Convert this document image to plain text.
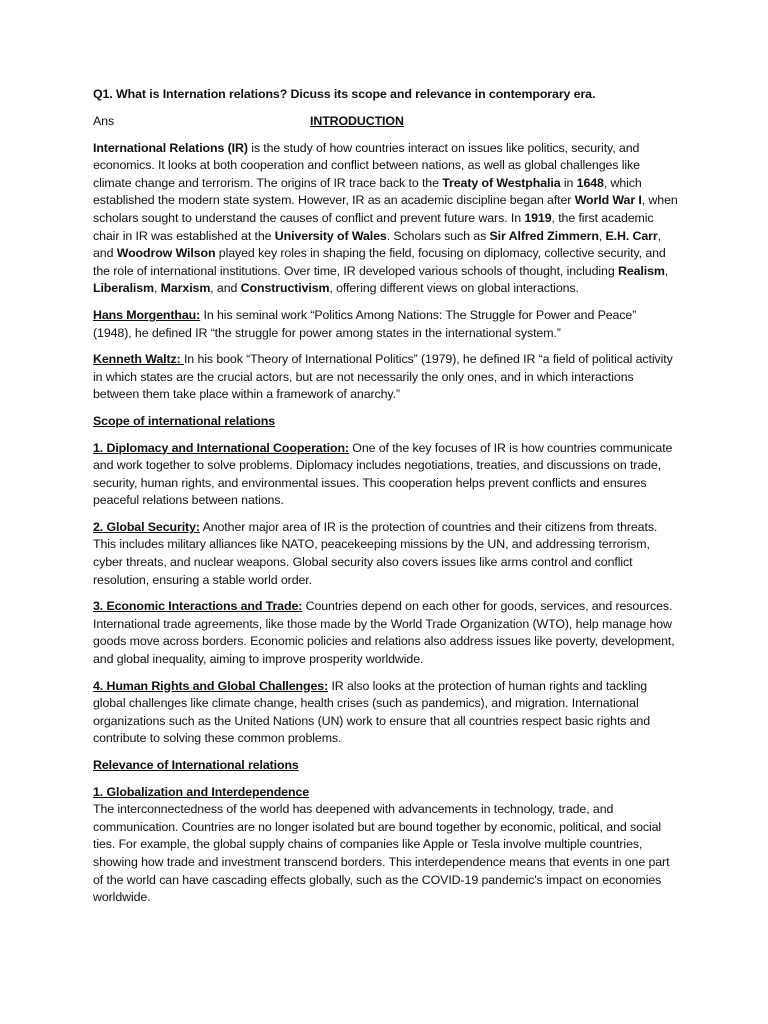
Q1. What is Internation relations? Dicuss its scope and relevance in contemporary era.

Ans	INTRODUCTION

International Relations (IR) is the study of how countries interact on issues like politics, security, and economics. It looks at both cooperation and conflict between nations, as well as global challenges like climate change and terrorism. The origins of IR trace back to the Treaty of Westphalia in 1648, which established the modern state system. However, IR as an academic discipline began after World War I, when scholars sought to understand the causes of conflict and prevent future wars. In 1919, the first academic chair in IR was established at the University of Wales. Scholars such as Sir Alfred Zimmern, E.H. Carr, and Woodrow Wilson played key roles in shaping the field, focusing on diplomacy, collective security, and the role of international institutions. Over time, IR developed various schools of thought, including Realism, Liberalism, Marxism, and Constructivism, offering different views on global interactions.

Hans Morgenthau: In his seminal work “Politics Among Nations: The Struggle for Power and Peace” (1948), he defined IR “the struggle for power among states in the international system.”

Kenneth Waltz: In his book “Theory of International Politics” (1979), he defined IR “a field of political activity in which states are the crucial actors, but are not necessarily the only ones, and in which interactions between them take place within a framework of anarchy.”

Scope of international relations

1. Diplomacy and International Cooperation: One of the key focuses of IR is how countries communicate and work together to solve problems. Diplomacy includes negotiations, treaties, and discussions on trade, security, human rights, and environmental issues. This cooperation helps prevent conflicts and ensures peaceful relations between nations.

2. Global Security: Another major area of IR is the protection of countries and their citizens from threats. This includes military alliances like NATO, peacekeeping missions by the UN, and addressing terrorism, cyber threats, and nuclear weapons. Global security also covers issues like arms control and conflict resolution, ensuring a stable world order.

3. Economic Interactions and Trade: Countries depend on each other for goods, services, and resources. International trade agreements, like those made by the World Trade Organization (WTO), help manage how goods move across borders. Economic policies and relations also address issues like poverty, development, and global inequality, aiming to improve prosperity worldwide.

4. Human Rights and Global Challenges: IR also looks at the protection of human rights and tackling global challenges like climate change, health crises (such as pandemics), and migration. International organizations such as the United Nations (UN) work to ensure that all countries respect basic rights and contribute to solving these common problems.

Relevance of International relations

1. Globalization and Interdependence

The interconnectedness of the world has deepened with advancements in technology, trade, and communication. Countries are no longer isolated but are bound together by economic, political, and social ties. For example, the global supply chains of companies like Apple or Tesla involve multiple countries, showing how trade and investment transcend borders. This interdependence means that events in one part of the world can have cascading effects globally, such as the COVID-19 pandemic's impact on economies worldwide.
